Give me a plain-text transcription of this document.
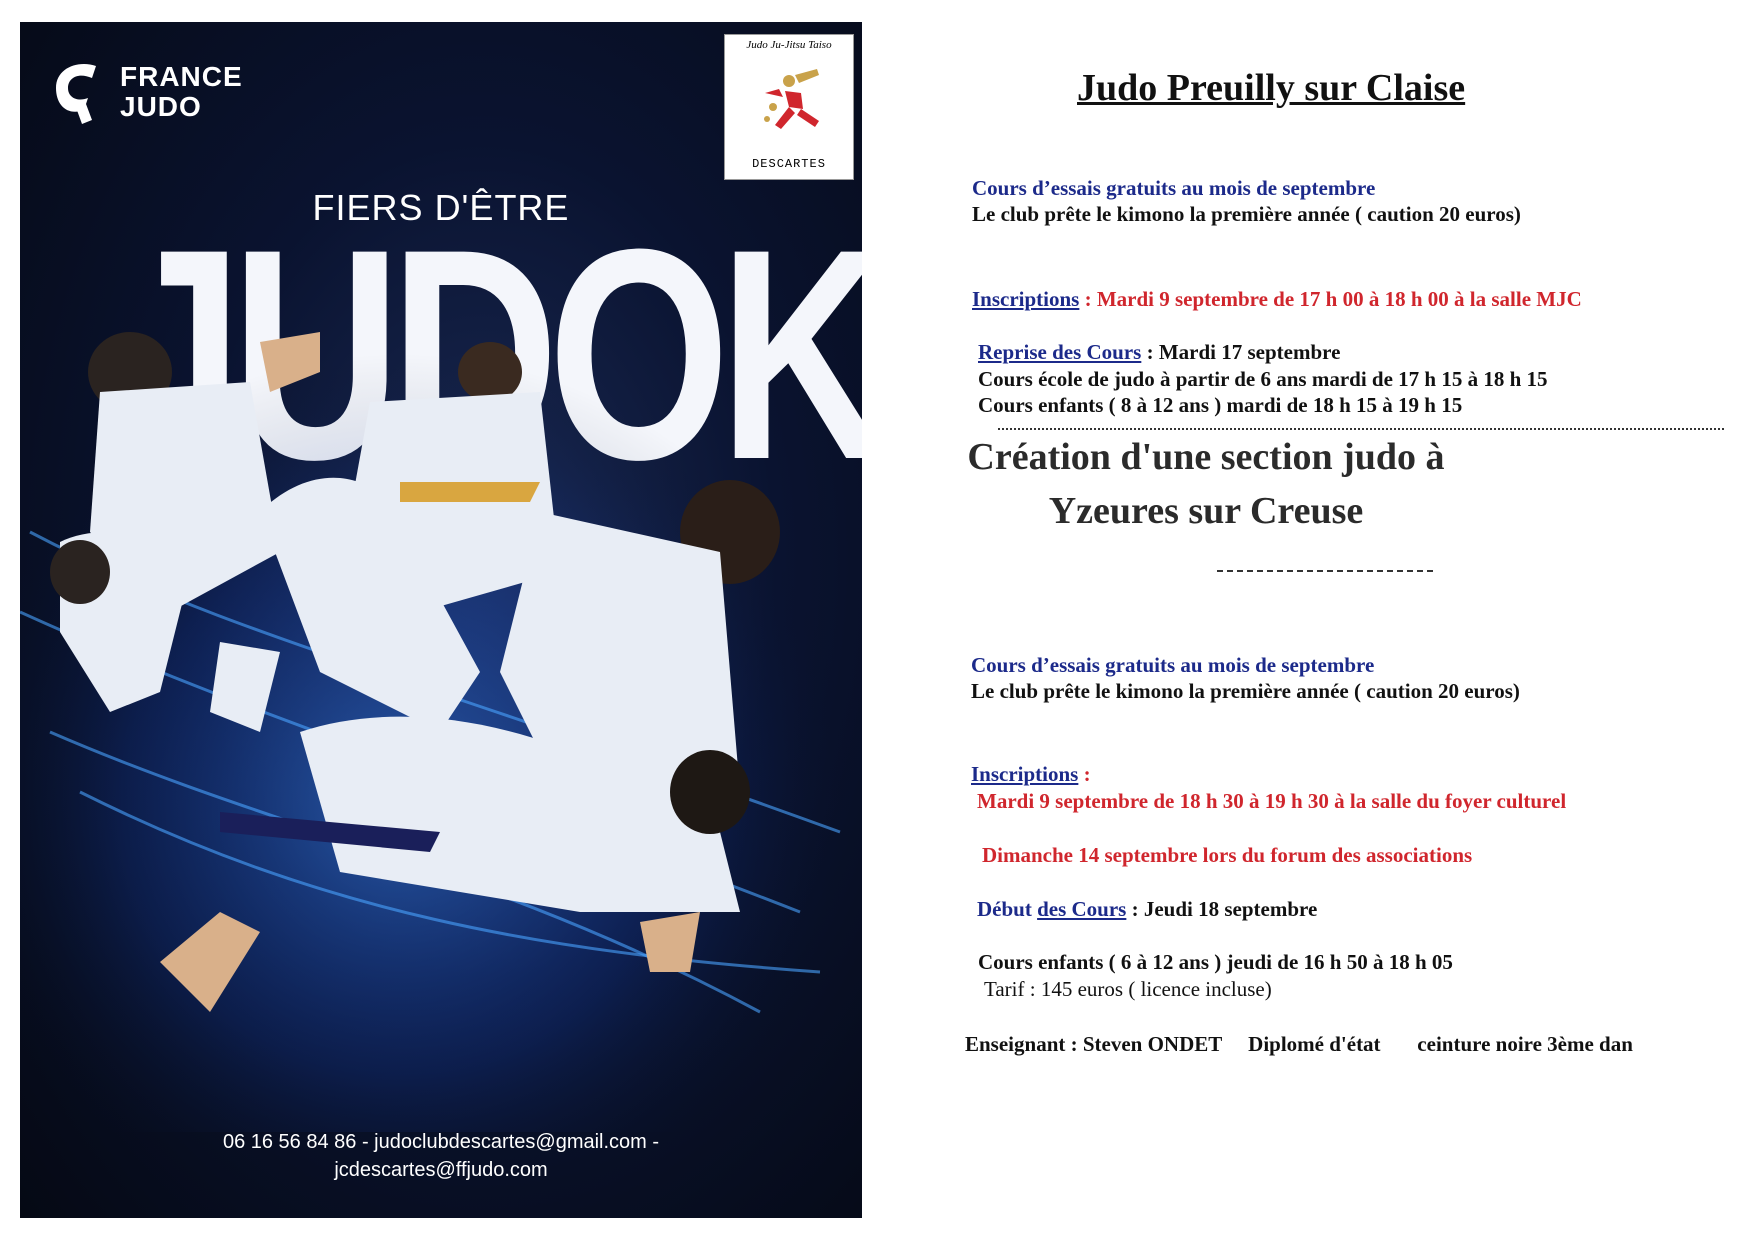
FRANCE
JUDO
Judo Ju-Jitsu Taiso
DESCARTES
FIERS D'ÊTRE
06 16 56 84 86 - judoclubdescartes@gmail.com -
jcdescartes@ffjudo.com
Judo Preuilly sur Claise
Cours d’essais gratuits au mois de septembre
Le club prête le kimono la première année ( caution 20 euros)
Inscriptions : Mardi 9 septembre de 17 h 00 à 18 h 00 à la salle MJC
Reprise des Cours : Mardi 17 septembre
Cours école de judo à partir de 6 ans mardi de 17 h 15 à 18 h 15
Cours enfants ( 8 à 12 ans ) mardi de 18 h 15 à 19 h 15
Création d'une section judo à
Yzeures sur Creuse
Cours d’essais gratuits au mois de septembre
Le club prête le kimono la première année ( caution 20 euros)
Inscriptions :
Mardi 9 septembre de 18 h 30 à 19 h 30 à la salle du foyer culturel
Dimanche 14 septembre lors du forum des associations
Début des Cours : Jeudi 18 septembre
Cours enfants ( 6 à 12 ans ) jeudi de 16 h 50 à 18 h 05
Tarif : 145 euros ( licence incluse)
Enseignant : Steven ONDET     Diplomé d'état       ceinture noire 3ème dan
